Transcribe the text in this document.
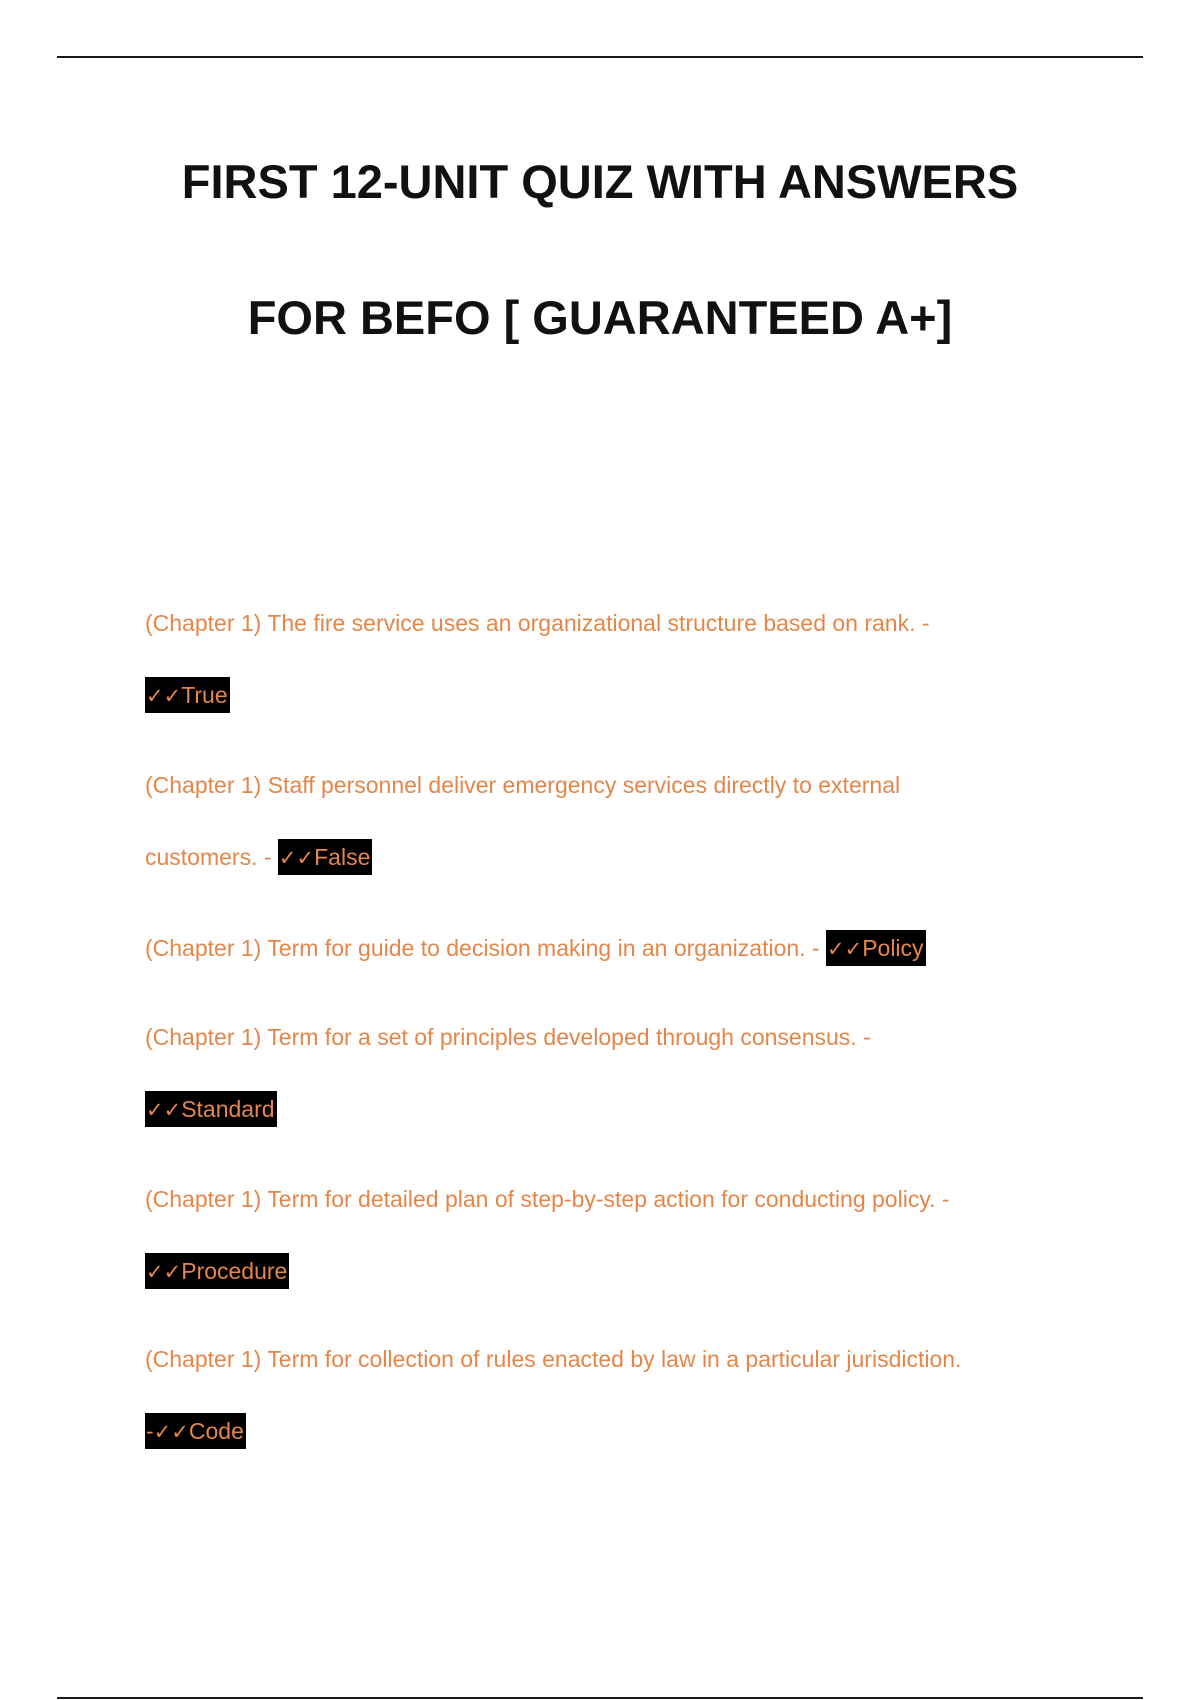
FIRST 12-UNIT QUIZ WITH ANSWERS
FOR BEFO [ GUARANTEED A+]
(Chapter 1) The fire service uses an organizational structure based on rank. -
✓✓True
(Chapter 1) Staff personnel deliver emergency services directly to external
customers. - ✓✓False
(Chapter 1) Term for guide to decision making in an organization. - ✓✓Policy
(Chapter 1) Term for a set of principles developed through consensus. -
✓✓Standard
(Chapter 1) Term for detailed plan of step-by-step action for conducting policy. -
✓✓Procedure
(Chapter 1) Term for collection of rules enacted by law in a particular jurisdiction.
-✓✓Code
